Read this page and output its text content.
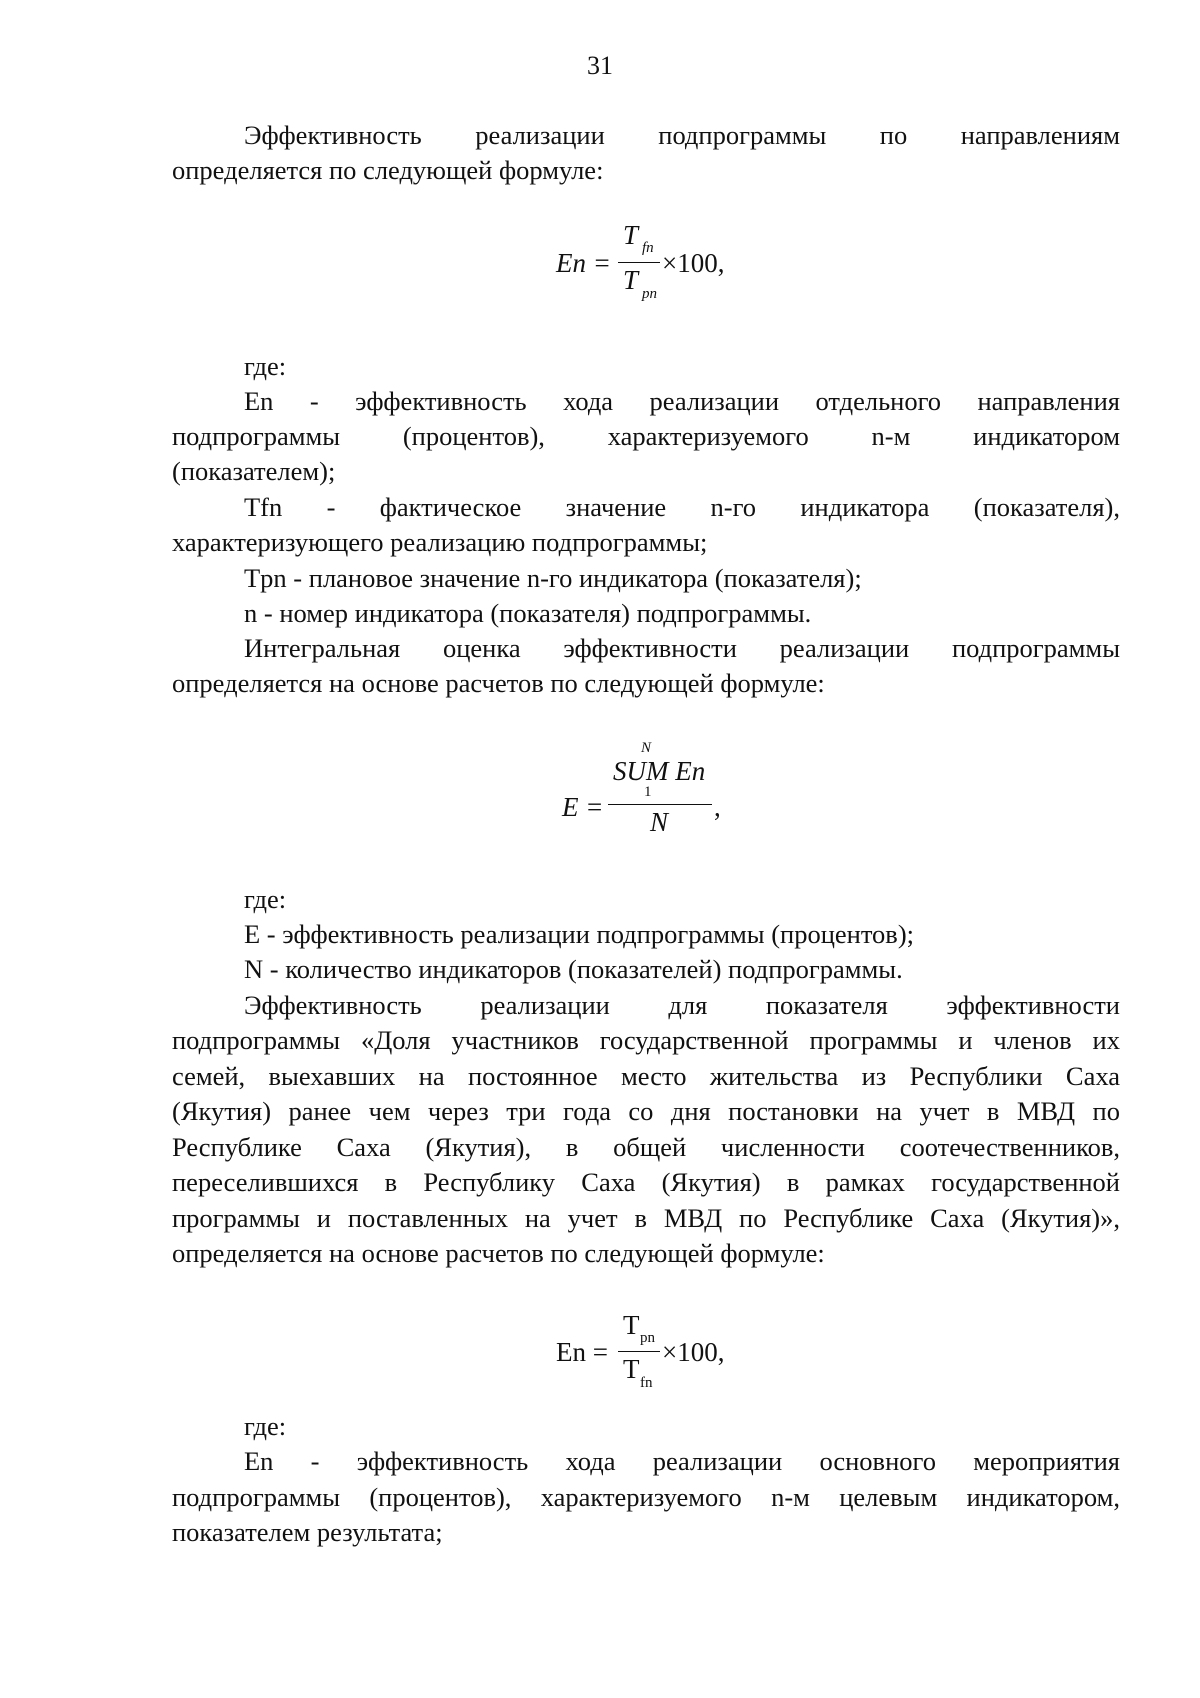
31
Эффективность реализации подпрограммы по направлениям
определяется по следующей формуле:
En =
T fn
T pn
×100,
где:
En - эффективность хода реализации отдельного направления
подпрограммы (процентов), характеризуемого n-м индикатором
(показателем);
Tfn - фактическое значение n-го индикатора (показателя),
характеризующего реализацию подпрограммы;
Tpn - плановое значение n-го индикатора (показателя);
n - номер индикатора (показателя) подпрограммы.
Интегральная оценка эффективности реализации подпрограммы
определяется на основе расчетов по следующей формуле:
E =
N
SUM En
1
N ,
где:
E - эффективность реализации подпрограммы (процентов);
N - количество индикаторов (показателей) подпрограммы.
Эффективность реализации для показателя эффективности
подпрограммы «Доля участников государственной программы и членов их
семей, выехавших на постоянное место жительства из Республики Саха
(Якутия) ранее чем через три года со дня постановки на учет в МВД по
Республике Саха (Якутия), в общей численности соотечественников,
переселившихся в Республику Саха (Якутия) в рамках государственной
программы и поставленных на учет в МВД по Республике Саха (Якутия)»,
определяется на основе расчетов по следующей формуле:
En =
T pn
T fn
×100,
где:
En - эффективность хода реализации основного мероприятия
подпрограммы (процентов), характеризуемого n-м целевым индикатором,
показателем результата;
